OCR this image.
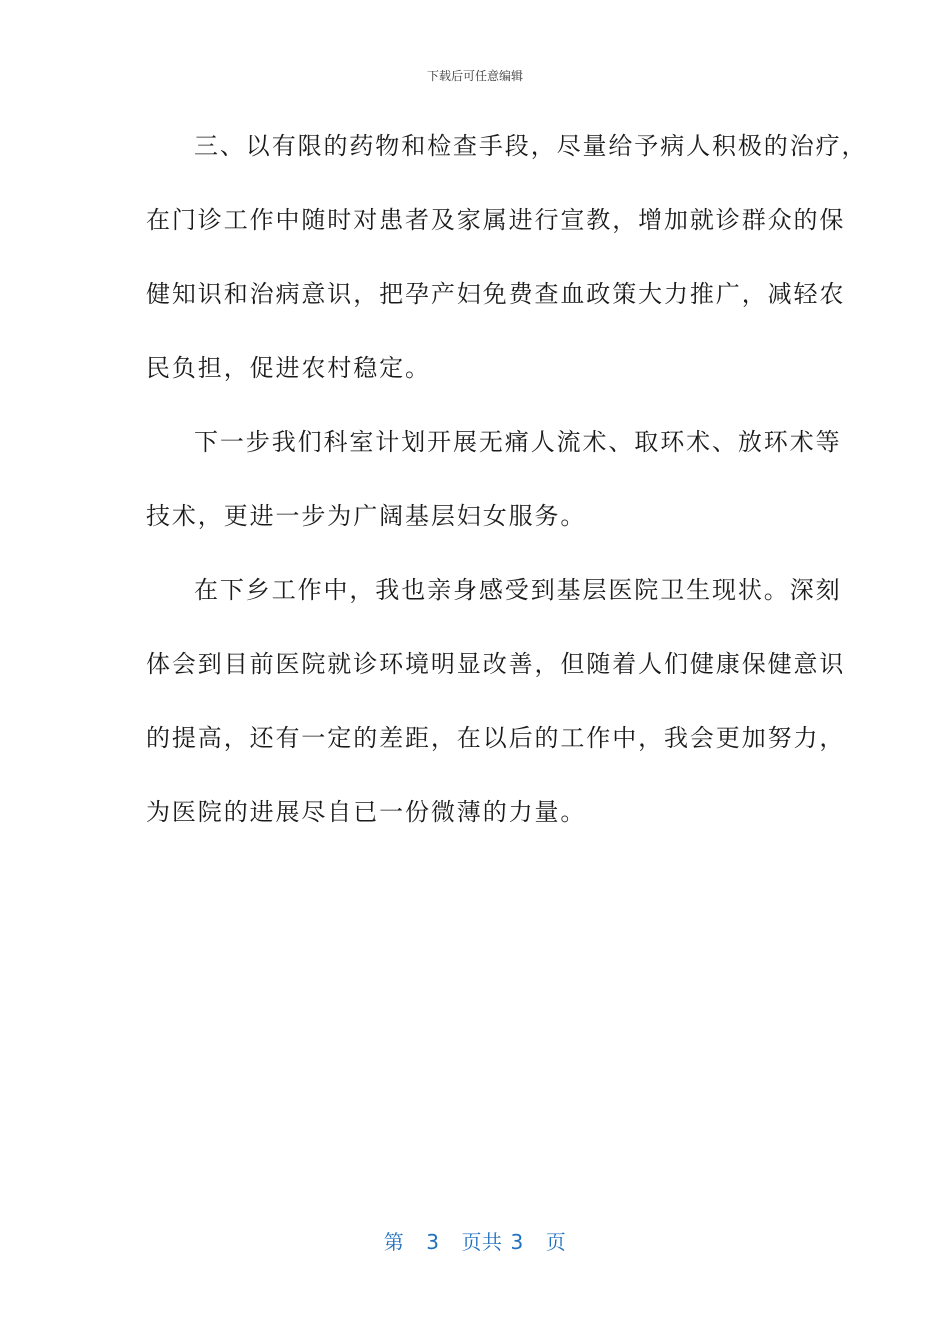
下载后可任意编辑
三、以有限的药物和检查手段，尽量给予病人积极的治疗，
在门诊工作中随时对患者及家属进行宣教，增加就诊群众的保
健知识和治病意识，把孕产妇免费查血政策大力推广，减轻农
民负担，促进农村稳定。
下一步我们科室计划开展无痛人流术、取环术、放环术等
技术，更进一步为广阔基层妇女服务。
在下乡工作中，我也亲身感受到基层医院卫生现状。深刻
体会到目前医院就诊环境明显改善，但随着人们健康保健意识
的提高，还有一定的差距，在以后的工作中，我会更加努力，
为医院的进展尽自已一份微薄的力量。
第 3 页共 3 页
